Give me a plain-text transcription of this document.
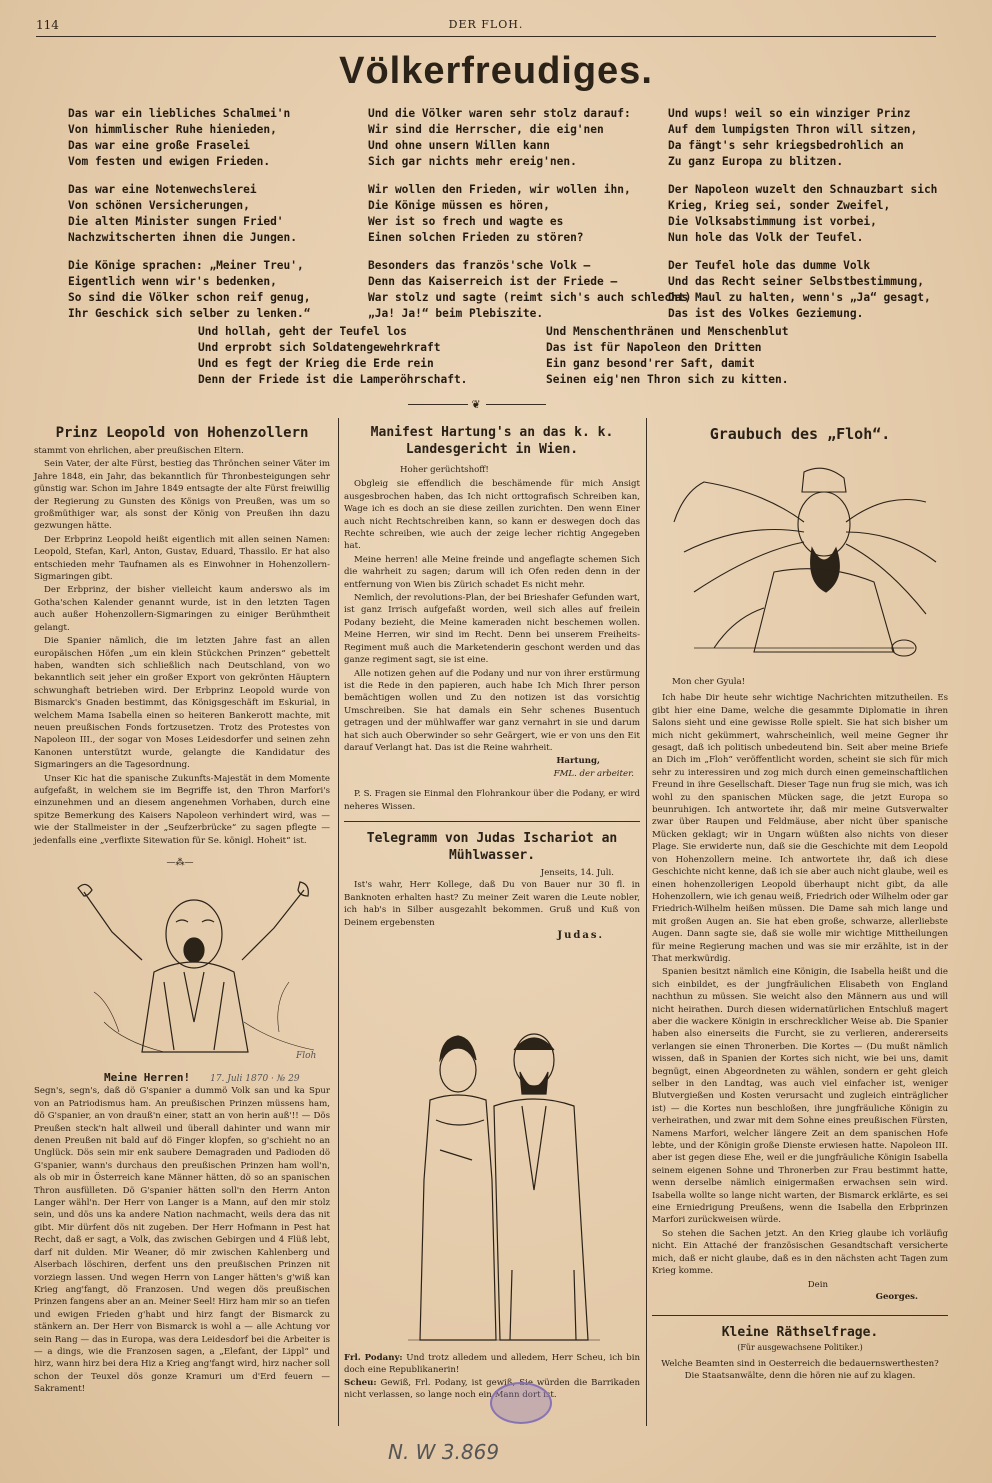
114	DER FLOH.
Völkerfreudiges.
Das war ein liebliches Schalmei'n
Von himmlischer Ruhe hienieden,
Das war eine große Fraselei
Vom festen und ewigen Frieden.
Das war eine Notenwechslerei
Von schönen Versicherungen,
Die alten Minister sungen Fried'
Nachzwitscherten ihnen die Jungen.
Die Könige sprachen: „Meiner Treu',
Eigentlich wenn wir's bedenken,
So sind die Völker schon reif genug,
Ihr Geschick sich selber zu lenken.“
Und die Völker waren sehr stolz darauf:
Wir sind die Herrscher, die eig'nen
Und ohne unsern Willen kann
Sich gar nichts mehr ereig'nen.
Wir wollen den Frieden, wir wollen ihn,
Die Könige müssen es hören,
Wer ist so frech und wagte es
Einen solchen Frieden zu stören?
Besonders das französ'sche Volk —
Denn das Kaiserreich ist der Friede —
War stolz und sagte (reimt sich's auch schlecht)
„Ja! Ja!“ beim Plebiszite.
Und wups! weil so ein winziger Prinz
Auf dem lumpigsten Thron will sitzen,
Da fängt's sehr kriegsbedrohlich an
Zu ganz Europa zu blitzen.
Der Napoleon wuzelt den Schnauzbart sich
Krieg, Krieg sei, sonder Zweifel,
Die Volksabstimmung ist vorbei,
Nun hole das Volk der Teufel.
Der Teufel hole das dumme Volk
Und das Recht seiner Selbstbestimmung,
Das Maul zu halten, wenn's „Ja“ gesagt,
Das ist des Volkes Geziemung.
Und hollah, geht der Teufel los
Und erprobt sich Soldatengewehrkraft
Und es fegt der Krieg die Erde rein
Denn der Friede ist die Lamperöhrschaft.
Und Menschenthränen und Menschenblut
Das ist für Napoleon den Dritten
Ein ganz besond'rer Saft, damit
Seinen eig'nen Thron sich zu kitten.
❦
Prinz Leopold von Hohenzollern

stammt von ehrlichen, aber preußischen Eltern.

Sein Vater, der alte Fürst, bestieg das Thrönchen seiner Väter im Jahre 1848, ein Jahr, das bekanntlich für Thronbesteigungen sehr günstig war. Schon im Jahre 1849 entsagte der alte Fürst freiwillig der Regierung zu Gunsten des Königs von Preußen, was um so großmüthiger war, als sonst der König von Preußen ihn dazu gezwungen hätte.

Der Erbprinz Leopold heißt eigentlich mit allen seinen Namen: Leopold, Stefan, Karl, Anton, Gustav, Eduard, Thassilo. Er hat also entschieden mehr Taufnamen als es Einwohner in Hohenzollern-Sigmaringen gibt.

Der Erbprinz, der bisher vielleicht kaum anderswo als im Gotha'schen Kalender genannt wurde, ist in den letzten Tagen auch außer Hohenzollern-Sigmaringen zu einiger Berühmtheit gelangt.

Die Spanier nämlich, die im letzten Jahre fast an allen europäischen Höfen „um ein klein Stückchen Prinzen“ gebettelt haben, wandten sich schließlich nach Deutschland, von wo bekanntlich seit jeher ein großer Export von gekrönten Häuptern schwunghaft betrieben wird. Der Erbprinz Leopold wurde von Bismarck's Gnaden bestimmt, das Königsgeschäft im Eskurial, in welchem Mama Isabella einen so heiteren Bankerott machte, mit neuen preußischen Fonds fortzusetzen. Trotz des Protestes von Napoleon III., der sogar von Moses Leidesdorfer und seinen zehn Kanonen unterstützt wurde, gelangte die Kandidatur des Sigmaringers an die Tagesordnung.

Unser Kic hat die spanische Zukunfts-Majestät in dem Momente aufgefaßt, in welchem sie im Begriffe ist, den Thron Marfori's einzunehmen und an diesem angenehmen Vorhaben, durch eine spitze Bemerkung des Kaisers Napoleon verhindert wird, was — wie der Stallmeister in der „Seufzerbrücke“ zu sagen pflegte — jedenfalls eine „verflixte Sitewation für Se. königl. Hoheit“ ist.

—⁂—
Floh
Meine Herren! 17. Juli 1870 · № 29

Segn's, segn's, daß dö G'spanier a dummö Volk san und ka Spur von an Patriodismus ham. An preußischen Prinzen müssens ham, dö G'spanier, an von drauß'n einer, statt an von herin auß'!! — Dös Preußen steck'n halt allweil und überall dahinter und wann mir denen Preußen nit bald auf dö Finger klopfen, so g'schieht no an Unglück. Dös sein mir enk saubere Demagraden und Padioden dö G'spanier, wann's durchaus den preußischen Prinzen ham woll'n, als ob mir in Österreich kane Männer hätten, dö so an spanischen Thron ausfülleten. Dö G'spanier hätten soll'n den Herrn Anton Langer wähl'n. Der Herr von Langer is a Mann, auf den mir stolz sein, und dös uns ka andere Nation nachmacht, weils dera das nit gibt. Mir dürfent dös nit zugeben. Der Herr Hofmann in Pest hat Recht, daß er sagt, a Volk, das zwischen Gebirgen und 4 Flüß lebt, darf nit dulden. Mir Weaner, dö mir zwischen Kahlenberg und Alserbach löschiren, derfent uns den preußischen Prinzen nit vorziegn lassen. Und wegen Herrn von Langer hätten's g'wiß kan Krieg ang'fangt, dö Franzosen. Und wegen dös preußischen Prinzen fangens aber an an. Meiner Seel! Hirz ham mir so an tiefen und ewigen Frieden g'habt und hirz fangt der Bismarck zu stänkern an. Der Herr von Bismarck is wohl a — alle Achtung vor sein Rang — das in Europa, was dera Leidesdorf bei die Arbeiter is — a dings, wie die Franzosen sagen, a „Elefant, der Lippl“ und hirz, wann hirz bei dera Hiz a Krieg ang'fangt wird, hirz nacher soll schon der Teuxel dös gonze Kramuri um d'Erd feuern — Sakrament!

Manifest Hartung's an das k. k. Landesgericht in Wien.
Hoher gerüchtshoff!

Obgleig sie effendlich die beschämende für mich Ansigt ausgesbrochen haben, das Ich nicht orttografisch Schreiben kan, Wage ich es doch an sie diese zeillen zurichten. Den wenn Einer auch nicht Rechtschreiben kann, so kann er deswegen doch das Rechte schreiben, wie auch der zeige lecher richtig Angegeben hat.

Meine herren! alle Meine freinde und angeflagte schemen Sich die wahrheit zu sagen; darum will ich Ofen reden denn in der entfernung von Wien bis Zürich schadet Es nicht mehr.

Nemlich, der revolutions-Plan, der bei Brieshafer Gefunden wart, ist ganz Irrisch aufgefaßt worden, weil sich alles auf freilein Podany bezieht, die Meine kameraden nicht beschemen wollen. Meine Herren, wir sind im Recht. Denn bei unserem Freiheits-Regiment muß auch die Marketenderin geschont werden und das ganze regiment sagt, sie ist eine.

Alle notizen gehen auf die Podany und nur von ihrer erstürmung ist die Rede in den papieren, auch habe Ich Mich Ihrer person bemächtigen wollen und Zu den notizen ist das vorsichtig Umschreiben. Sie hat damals ein Sehr schenes Busentuch getragen und der mühlwaffer war ganz vernahrt in sie und darum hat sich auch Oberwinder so sehr Geärgert, wie er von uns den Eit darauf Verlangt hat. Das ist die Reine wahrheit.

Hartung,
FML. der arbeiter.

P. S. Fragen sie Einmal den Flohrankour über die Podany, er wird neheres Wissen.

Telegramm von Judas Ischariot an Mühlwasser.
Jenseits, 14. Juli.

Ist's wahr, Herr Kollege, daß Du von Bauer nur 30 fl. in Banknoten erhalten hast? Zu meiner Zeit waren die Leute nobler, ich hab's in Silber ausgezahlt bekommen. Gruß und Kuß von Deinem ergebensten

Judas.
Frl. Podany: Und trotz alledem und alledem, Herr Scheu, ich bin doch eine Republikanerin!
Scheu: Gewiß, Frl. Podany, ist gewiß, Sie würden die Barrikaden nicht verlassen, so lange noch ein Mann dort ist.
Graubuch des „Floh“.
Mon cher Gyula!

Ich habe Dir heute sehr wichtige Nachrichten mitzutheilen. Es gibt hier eine Dame, welche die gesammte Diplomatie in ihren Salons sieht und eine gewisse Rolle spielt. Sie hat sich bisher um mich nicht gekümmert, wahrscheinlich, weil meine Gegner ihr gesagt, daß ich politisch unbedeutend bin. Seit aber meine Briefe an Dich im „Floh“ veröffentlicht worden, scheint sie sich für mich sehr zu interessiren und zog mich durch einen gemeinschaftlichen Freund in ihre Gesellschaft. Dieser Tage nun frug sie mich, was ich wohl zu den spanischen Mücken sage, die jetzt Europa so beunruhigen. Ich antwortete ihr, daß mir meine Gutsverwalter zwar über Raupen und Feldmäuse, aber nicht über spanische Mücken geklagt; wir in Ungarn wüßten also nichts von dieser Plage. Sie erwiderte nun, daß sie die Geschichte mit dem Leopold von Hohenzollern meine. Ich antwortete ihr, daß ich diese Geschichte nicht kenne, daß ich sie aber auch nicht glaube, weil es einen hohenzollerigen Leopold überhaupt nicht gibt, da alle Hohenzollern, wie ich genau weiß, Friedrich oder Wilhelm oder gar Friedrich-Wilhelm heißen müssen. Die Dame sah mich lange und mit großen Augen an. Sie hat eben große, schwarze, allerliebste Augen. Dann sagte sie, daß sie wolle mir wichtige Mittheilungen für meine Regierung machen und was sie mir erzählte, ist in der That merkwürdig.

Spanien besitzt nämlich eine Königin, die Isabella heißt und die sich einbildet, es der jungfräulichen Elisabeth von England nachthun zu müssen. Sie weicht also den Männern aus und will nicht heirathen. Durch diesen widernatürlichen Entschluß magert aber die wackere Königin in erschrecklicher Weise ab. Die Spanier haben also einerseits die Furcht, sie zu verlieren, andererseits verlangen sie einen Thronerben. Die Kortes — (Du mußt nämlich wissen, daß in Spanien der Kortes sich nicht, wie bei uns, damit begnügt, einen Abgeordneten zu wählen, sondern er geht gleich selber in den Landtag, was auch viel einfacher ist, weniger Blutvergießen und Kosten verursacht und zugleich einträglicher ist) — die Kortes nun beschloßen, ihre jungfräuliche Königin zu verheirathen, und zwar mit dem Sohne eines preußischen Fürsten, Namens Marfori, welcher längere Zeit an dem spanischen Hofe lebte, und der Königin große Dienste erwiesen hatte. Napoleon III. aber ist gegen diese Ehe, weil er die jungfräuliche Königin Isabella seinem eigenen Sohne und Thronerben zur Frau bestimmt hatte, wenn derselbe nämlich einigermaßen erwachsen sein wird. Isabella wollte so lange nicht warten, der Bismarck erklärte, es sei eine Erniedrigung Preußens, wenn die Isabella den Erbprinzen Marfori zurückweisen würde.

So stehen die Sachen jetzt. An den Krieg glaube ich vorläufig nicht. Ein Attaché der französischen Gesandtschaft versicherte mich, daß er nicht glaube, daß es in den nächsten acht Tagen zum Krieg komme.

Dein
Georges.
Kleine Räthselfrage.
(Für ausgewachsene Politiker.)
Welche Beamten sind in Oesterreich die bedauernswerthesten?
Die Staatsanwälte, denn die hören nie auf zu klagen.
N. W 3.869
